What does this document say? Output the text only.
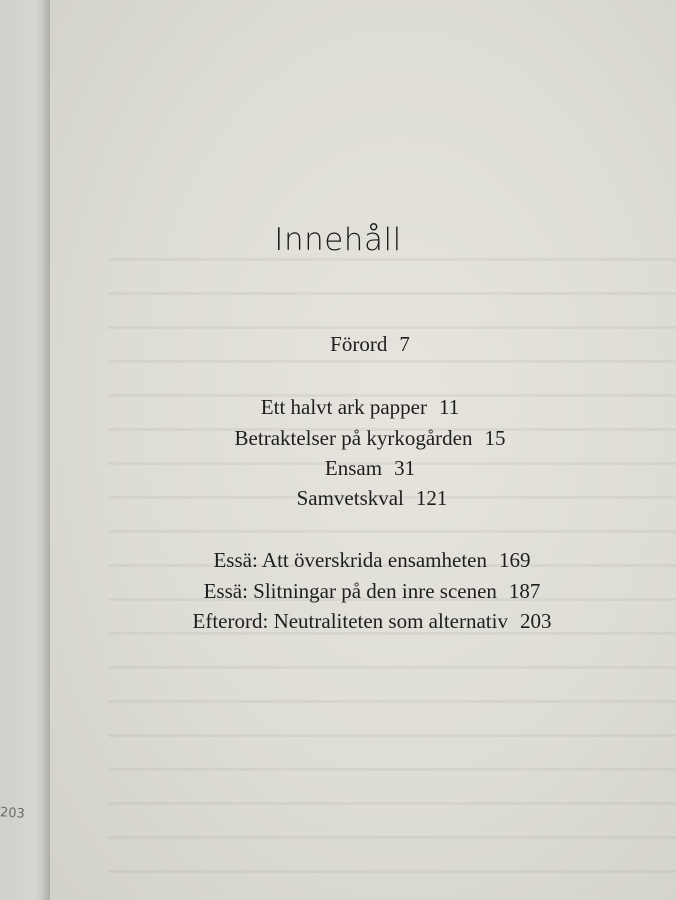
203
Innehåll
Förord 7
Ett halvt ark papper 11
Betraktelser på kyrkogården 15
Ensam 31
Samvetskval 121
Essä: Att överskrida ensamheten 169
Essä: Slitningar på den inre scenen 187
Efterord: Neutraliteten som alternativ 203
